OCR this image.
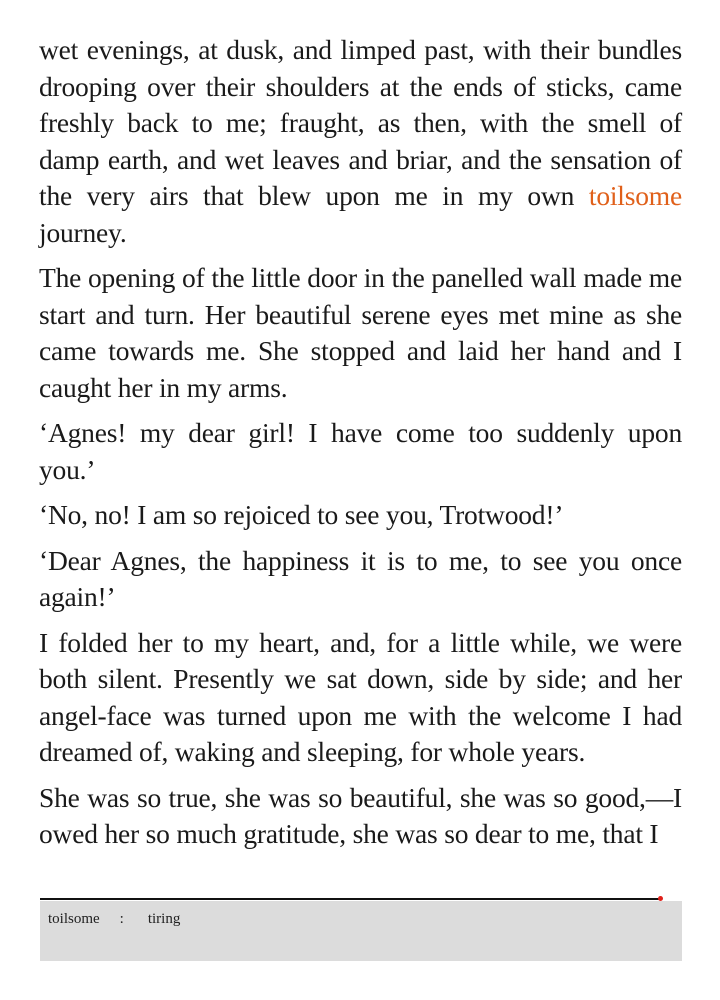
wet evenings, at dusk, and limped past, with their bundles drooping over their shoulders at the ends of sticks, came freshly back to me; fraught, as then, with the smell of damp earth, and wet leaves and briar, and the sensation of the very airs that blew upon me in my own toilsome journey.

The opening of the little door in the panelled wall made me start and turn. Her beautiful serene eyes met mine as she came towards me. She stopped and laid her hand and I caught her in my arms.

‘Agnes! my dear girl! I have come too suddenly upon you.’

‘No, no! I am so rejoiced to see you, Trotwood!’

‘Dear Agnes, the happiness it is to me, to see you once again!’

I folded her to my heart, and, for a little while, we were both silent. Presently we sat down, side by side; and her angel-face was turned upon me with the welcome I had dreamed of, waking and sleeping, for whole years.

She was so true, she was so beautiful, she was so good,—I owed her so much gratitude, she was so dear to me, that I

toilsome : tiring
